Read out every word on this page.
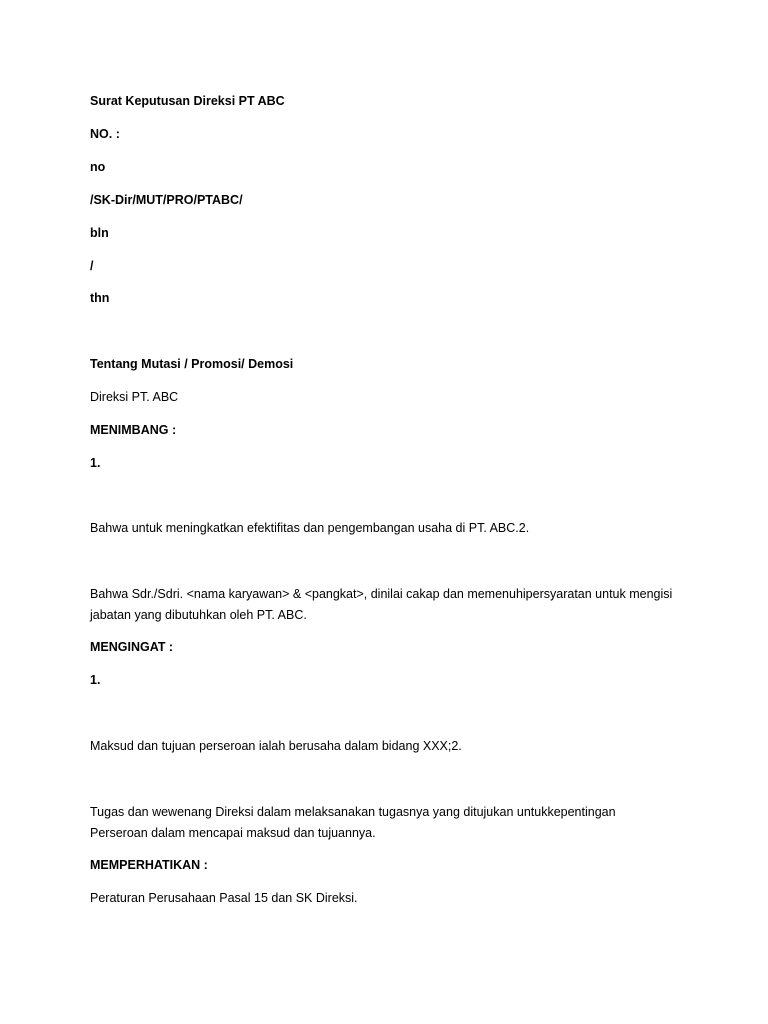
Surat Keputusan Direksi PT ABC
NO. :
no
/SK-Dir/MUT/PRO/PTABC/
bln
/
thn
Tentang Mutasi / Promosi/ Demosi
Direksi PT. ABC
MENIMBANG :
1.
Bahwa untuk meningkatkan efektifitas dan pengembangan usaha di PT. ABC.2.
Bahwa Sdr./Sdri. <nama karyawan> & <pangkat>, dinilai cakap dan memenuhipersyaratan untuk mengisi jabatan yang dibutuhkan oleh PT. ABC.
MENGINGAT :
1.
Maksud dan tujuan perseroan ialah berusaha dalam bidang XXX;2.
Tugas dan wewenang Direksi dalam melaksanakan tugasnya yang ditujukan untukkepentingan Perseroan dalam mencapai maksud dan tujuannya.
MEMPERHATIKAN :
Peraturan Perusahaan Pasal 15 dan SK Direksi.
